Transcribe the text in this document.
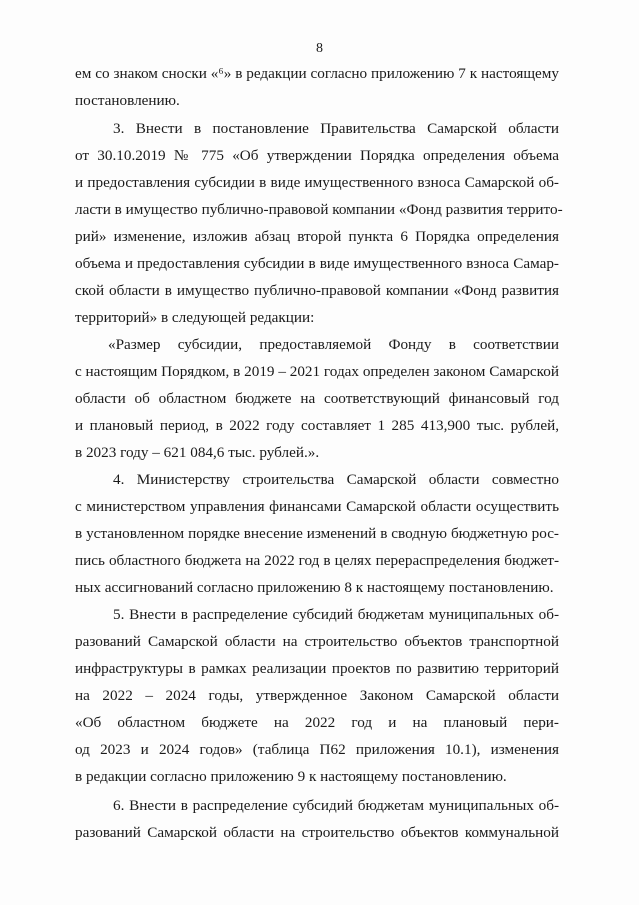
8
ем со знаком сноски «⁶» в редакции согласно приложению 7 к настоящему
постановлению.
3. Внести в постановление Правительства Самарской области
от 30.10.2019 № 775 «Об утверждении Порядка определения объема
и предоставления субсидии в виде имущественного взноса Самарской об-
ласти в имущество публично-правовой компании «Фонд развития террито-
рий» изменение, изложив абзац второй пункта 6 Порядка определения
объема и предоставления субсидии в виде имущественного взноса Самар-
ской области в имущество публично-правовой компании «Фонд развития
территорий» в следующей редакции:
«Размер субсидии, предоставляемой Фонду в соответствии
с настоящим Порядком, в 2019 – 2021 годах определен законом Самарской
области об областном бюджете на соответствующий финансовый год
и плановый период, в 2022 году составляет 1 285 413,900 тыс. рублей,
в 2023 году – 621 084,6 тыс. рублей.».
4. Министерству строительства Самарской области совместно
с министерством управления финансами Самарской области осуществить
в установленном порядке внесение изменений в сводную бюджетную рос-
пись областного бюджета на 2022 год в целях перераспределения бюджет-
ных ассигнований согласно приложению 8 к настоящему постановлению.
5. Внести в распределение субсидий бюджетам муниципальных об-
разований Самарской области на строительство объектов транспортной
инфраструктуры в рамках реализации проектов по развитию территорий
на 2022 – 2024 годы, утвержденное Законом Самарской области
«Об областном бюджете на 2022 год и на плановый пери-
од 2023 и 2024 годов» (таблица П62 приложения 10.1), изменения
в редакции согласно приложению 9 к настоящему постановлению.
6. Внести в распределение субсидий бюджетам муниципальных об-
разований Самарской области на строительство объектов коммунальной
